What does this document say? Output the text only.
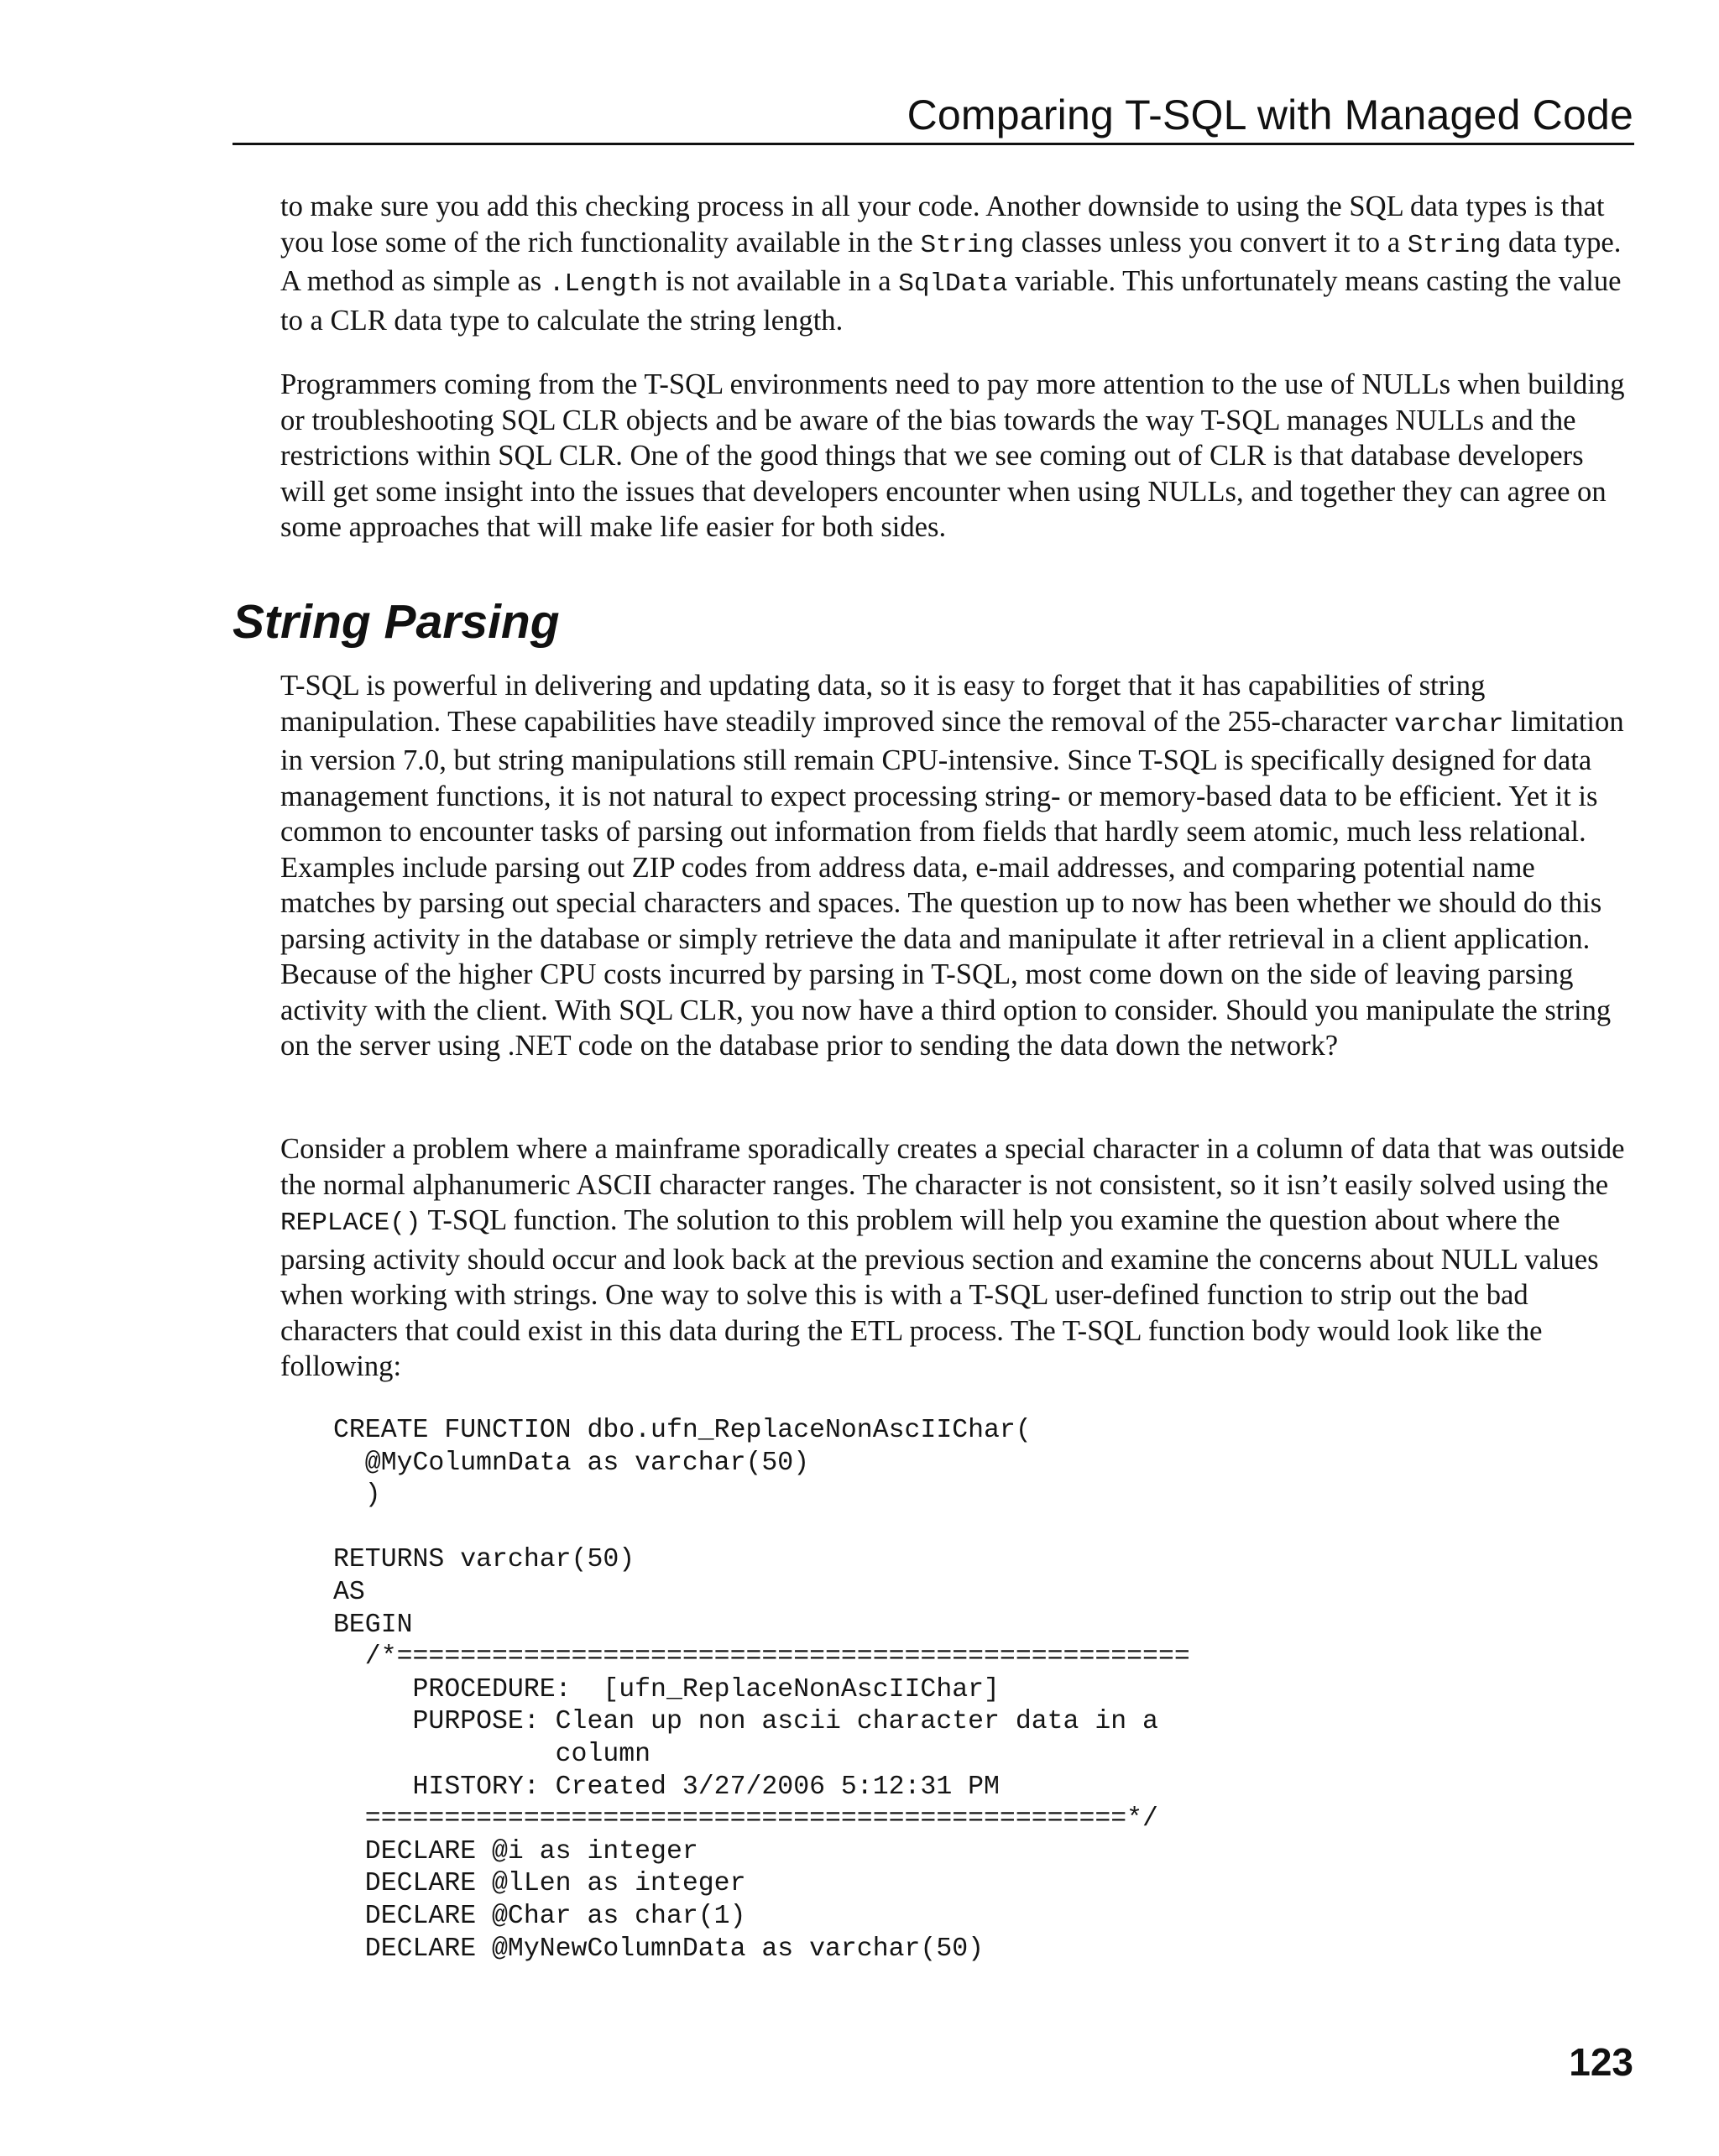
Comparing T-SQL with Managed Code

to make sure you add this checking process in all your code. Another downside to using the SQL data types is that you lose some of the rich functionality available in the String classes unless you convert it to a String data type. A method as simple as .Length is not available in a SqlData variable. This unfortunately means casting the value to a CLR data type to calculate the string length.

Programmers coming from the T-SQL environments need to pay more attention to the use of NULLs when building or troubleshooting SQL CLR objects and be aware of the bias towards the way T-SQL manages NULLs and the restrictions within SQL CLR. One of the good things that we see coming out of CLR is that database developers will get some insight into the issues that developers encounter when using NULLs, and together they can agree on some approaches that will make life easier for both sides.

String Parsing

T-SQL is powerful in delivering and updating data, so it is easy to forget that it has capabilities of string manipulation. These capabilities have steadily improved since the removal of the 255-character varchar limitation in version 7.0, but string manipulations still remain CPU-intensive. Since T-SQL is specifically designed for data management functions, it is not natural to expect processing string- or memory-based data to be efficient. Yet it is common to encounter tasks of parsing out information from fields that hardly seem atomic, much less relational. Examples include parsing out ZIP codes from address data, e-mail addresses, and comparing potential name matches by parsing out special characters and spaces. The question up to now has been whether we should do this parsing activity in the database or simply retrieve the data and manipulate it after retrieval in a client application. Because of the higher CPU costs incurred by parsing in T-SQL, most come down on the side of leaving parsing activity with the client. With SQL CLR, you now have a third option to consider. Should you manipulate the string on the server using .NET code on the database prior to sending the data down the network?

Consider a problem where a mainframe sporadically creates a special character in a column of data that was outside the normal alphanumeric ASCII character ranges. The character is not consistent, so it isn’t easily solved using the REPLACE() T-SQL function. The solution to this problem will help you examine the question about where the parsing activity should occur and look back at the previous section and examine the concerns about NULL values when working with strings. One way to solve this is with a T-SQL user-defined function to strip out the bad characters that could exist in this data during the ETL process. The T-SQL function body would look like the following:

CREATE FUNCTION dbo.ufn_ReplaceNonAscIIChar(
@MyColumnData as varchar(50)
)

RETURNS varchar(50)
AS
BEGIN
/*==================================================
PROCEDURE:  [ufn_ReplaceNonAscIIChar]
PURPOSE: Clean up non ascii character data in a
column
HISTORY: Created 3/27/2006 5:12:31 PM
================================================*/
DECLARE @i as integer
DECLARE @lLen as integer
DECLARE @Char as char(1)
DECLARE @MyNewColumnData as varchar(50)
123
